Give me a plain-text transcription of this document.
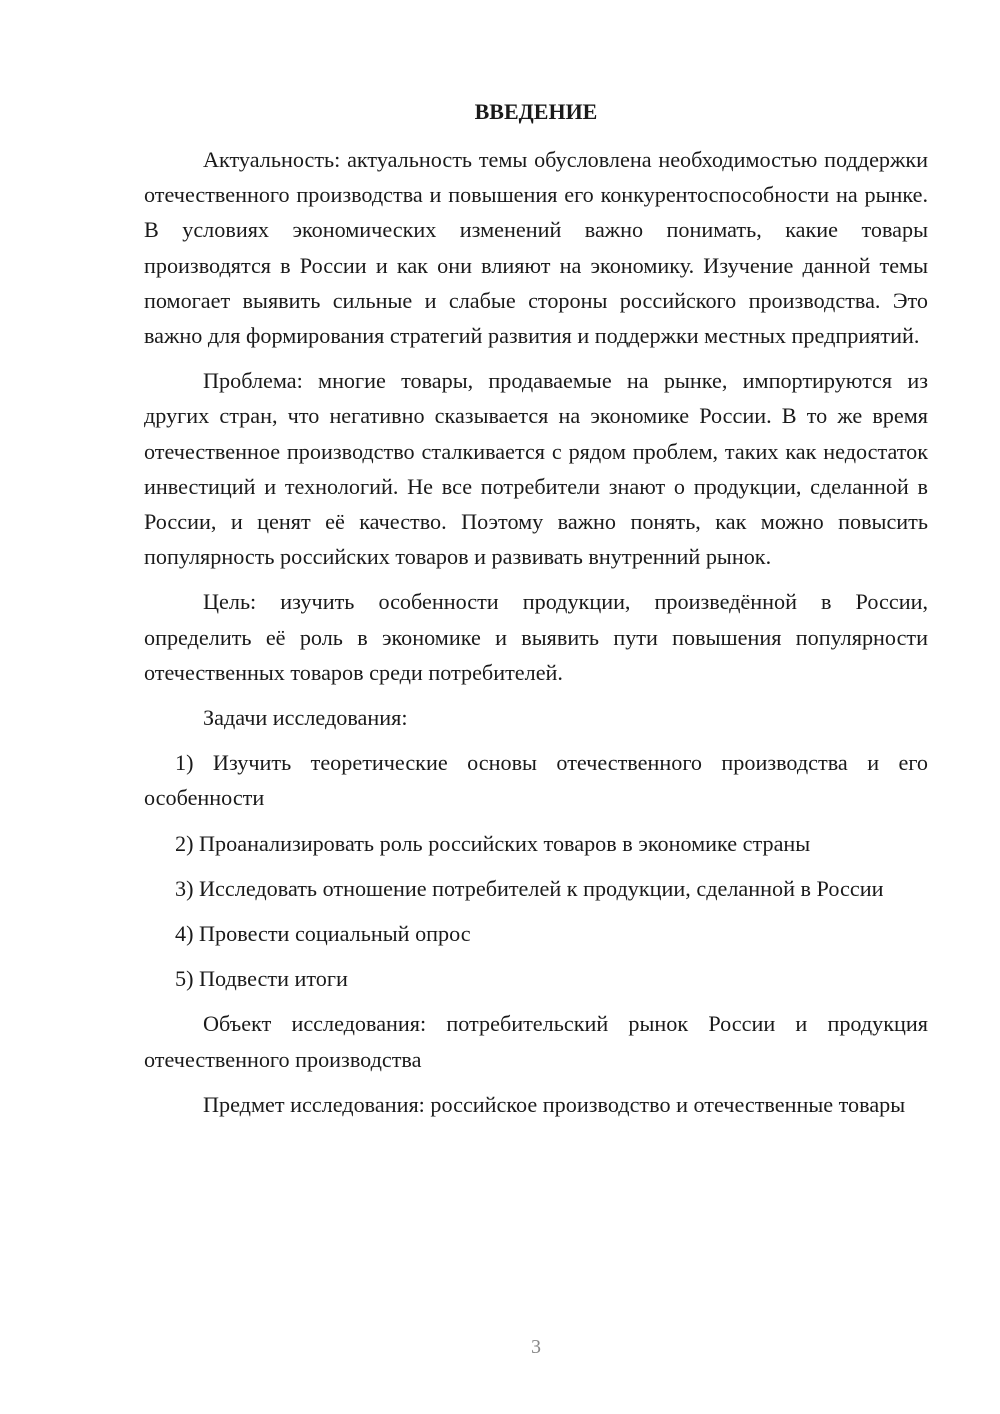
ВВЕДЕНИЕ

Актуальность: актуальность темы обусловлена необходимостью поддержки отечественного производства и повышения его конкурентоспособности на рынке. В условиях экономических изменений важно понимать, какие товары производятся в России и как они влияют на экономику. Изучение данной темы помогает выявить сильные и слабые стороны российского производства. Это важно для формирования стратегий развития и поддержки местных предприятий.

Проблема: многие товары, продаваемые на рынке, импортируются из других стран, что негативно сказывается на экономике России. В то же время отечественное производство сталкивается с рядом проблем, таких как недостаток инвестиций и технологий. Не все потребители знают о продукции, сделанной в России, и ценят её качество. Поэтому важно понять, как можно повысить популярность российских товаров и развивать внутренний рынок.

Цель: изучить особенности продукции, произведённой в России, определить её роль в экономике и выявить пути повышения популярности отечественных товаров среди потребителей.

Задачи исследования:

1) Изучить теоретические основы отечественного производства и его особенности

2) Проанализировать роль российских товаров в экономике страны

3) Исследовать отношение потребителей к продукции, сделанной в России

4) Провести социальный опрос

5) Подвести итоги

Объект исследования: потребительский рынок России и продукция отечественного производства

Предмет исследования: российское производство и отечественные товары

3
